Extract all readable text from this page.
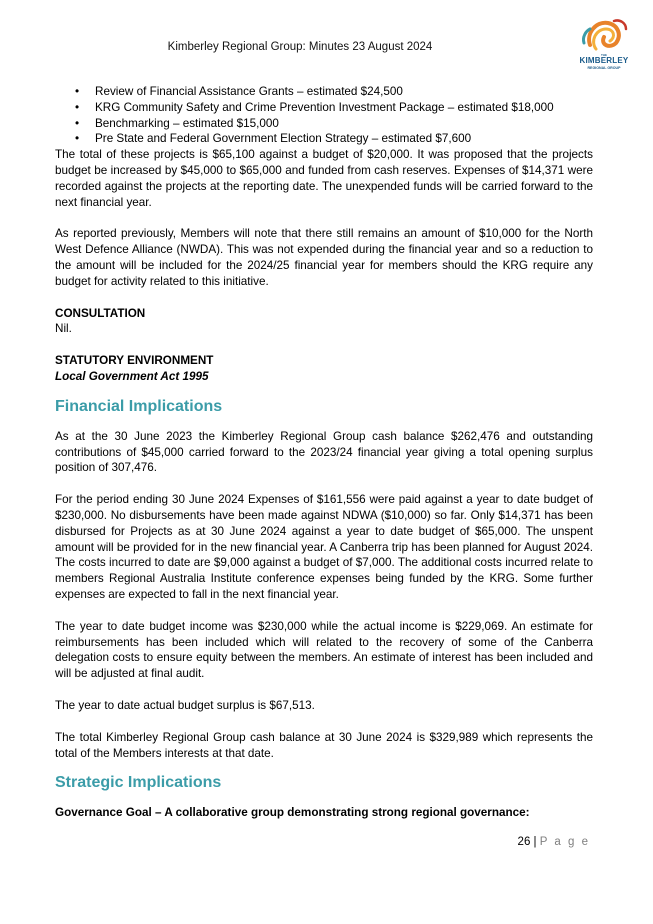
Kimberley Regional Group: Minutes 23 August 2024
THE
KIMBERLEY
REGIONAL GROUP
• Review of Financial Assistance Grants – estimated $24,500
• KRG Community Safety and Crime Prevention Investment Package – estimated $18,000
• Benchmarking – estimated $15,000
• Pre State and Federal Government Election Strategy – estimated $7,600

The total of these projects is $65,100 against a budget of $20,000. It was proposed that the projects budget be increased by $45,000 to $65,000 and funded from cash reserves. Expenses of $14,371 were recorded against the projects at the reporting date. The unexpended funds will be carried forward to the next financial year.

As reported previously, Members will note that there still remains an amount of $10,000 for the North West Defence Alliance (NWDA). This was not expended during the financial year and so a reduction to the amount will be included for the 2024/25 financial year for members should the KRG require any budget for activity related to this initiative.

CONSULTATION
Nil.
STATUTORY ENVIRONMENT
Local Government Act 1995
Financial Implications

As at the 30 June 2023 the Kimberley Regional Group cash balance $262,476 and outstanding contributions of $45,000 carried forward to the 2023/24 financial year giving a total opening surplus position of 307,476.

For the period ending 30 June 2024 Expenses of $161,556 were paid against a year to date budget of $230,000. No disbursements have been made against NDWA ($10,000) so far. Only $14,371 has been disbursed for Projects as at 30 June 2024 against a year to date budget of $65,000. The unspent amount will be provided for in the new financial year. A Canberra trip has been planned for August 2024. The costs incurred to date are $9,000 against a budget of $7,000. The additional costs incurred relate to members Regional Australia Institute conference expenses being funded by the KRG. Some further expenses are expected to fall in the next financial year.

The year to date budget income was $230,000 while the actual income is $229,069. An estimate for reimbursements has been included which will related to the recovery of some of the Canberra delegation costs to ensure equity between the members. An estimate of interest has been included and will be adjusted at final audit.

The year to date actual budget surplus is $67,513.

The total Kimberley Regional Group cash balance at 30 June 2024 is $329,989 which represents the total of the Members interests at that date.

Strategic Implications
Governance Goal – A collaborative group demonstrating strong regional governance:
26 | P a g e
